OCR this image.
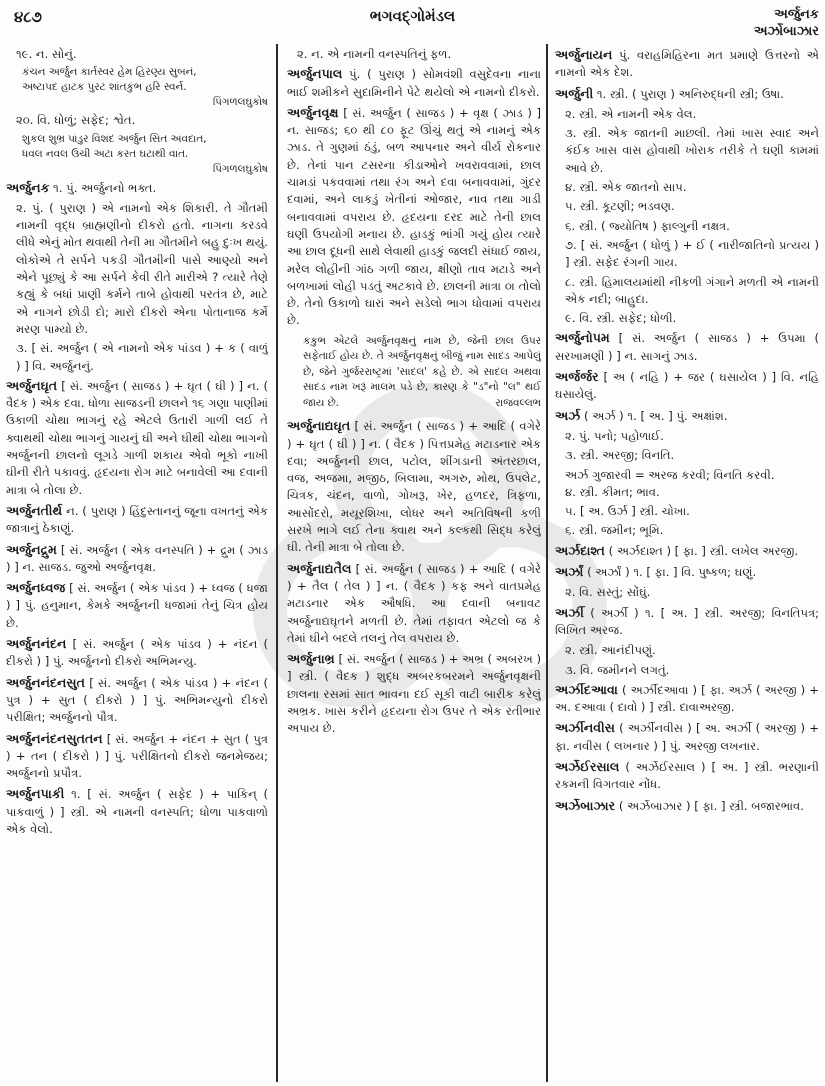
૪૮૭	ભગવદ્ગોમંડલ	અર્જુનક
અર્ઝોબાઝાર
૧૯. ન. સોનું.
કંચન અર્જુન કાર્તસ્વર હેમ હિરણ્ય સુબનં,
અષ્ટાપદ હાટક પુરટ શાંતકુંભ હરિ સ્વર્ન.
પિંગળલઘુકોષ
૨૦. વિ. ધોળું; સફેદ; શ્વેત.
શુકલ શુભ્ર પાંડુર વિશદ અર્જુન સિત અવદાત,
ધવલ નવલ ઉચી અટા કરત ઘટાથી વાત.
પિંગળલઘુકોષ
અર્જુનક ૧. પું. અર્જુનનો ભક્ત.
૨. પું. ( પુરાણ ) એ નામનો એક શિકારી. તે ગૌતમી નામની વૃદ્ધ બ્રાહ્મણીનો દીકરો હતો. નાગના કરડવે લીધે એનું મોત થવાથી તેની મા ગૌતમીને બહુ દુઃખ થયું. લોકોએ તે સર્પને પકડી ગૌતમીની પાસે આણ્યો અને એને પૂછ્યું કે આ સર્પને કેવી રીતે મારીએ ? ત્યારે તેણે કહ્યું કે બધાં પ્રાણી કર્મને તાબે હોવાથી પરતંત્ર છે, માટે એ નાગને છોડી દો; મારો દીકરો એના પોતાનાજ કર્મે મરણ પામ્યો છે.
૩. [ સં. અર્જુન ( એ નામનો એક પાંડવ ) + ક ( વાળું ) ] વિ. અર્જુનનું.
અર્જુનઘૃત [ સં. અર્જુન ( સાજડ ) + ઘૃત ( ઘી ) ] ન. ( વૈદક ) એક દવા. ધોળા સાજડની છાલને ૧૬ ગણા પાણીમાં ઉકાળી ચોથા ભાગનું રહે એટલે ઉતારી ગાળી લઈ તે ક્વાથથી ચોથા ભાગનું ગાયનું ઘી અને ઘીથી ચોથા ભાગનો અર્જુનની છાલનો લૂગડે ગાળી શકાય એવો ભૂકો નાખી ઘીની રીતે પકાવવું. હૃદયના રોગ માટે બનાવેલી આ દવાની માત્રા બે તોલા છે.
અર્જુનતીર્થ ન. ( પુરાણ ) હિંદુસ્તાનનું જૂના વખતનું એક જાત્રાનું ઠેકાણું.
અર્જુનદ્રુમ [ સં. અર્જુન ( એક વનસ્પતિ ) + દ્રુમ ( ઝાડ ) ] ન. સાજડ. જુઓ અર્જુનવૃક્ષ.
અર્જુનધ્વજ [ સં. અર્જુન ( એક પાંડવ ) + ધ્વજ ( ધજા ) ] પું. હનુમાન, કેમકે અર્જુનની ધજામાં તેનું ચિત્ર હોય છે.
અર્જુનનંદન [ સં. અર્જુન ( એક પાંડવ ) + નંદન ( દીકરો ) ] પું. અર્જુનનો દીકરો અભિમન્યુ.
અર્જુનનંદનસુત [ સં. અર્જુન ( એક પાંડવ ) + નંદન ( પુત્ર ) + સુત ( દીકરો ) ] પું. અભિમન્યુનો દીકરો પરીક્ષિત; અર્જુનનો પૌત્ર.
અર્જુનનંદનસુતતન [ સં. અર્જુન + નંદન + સુત ( પુત્ર ) + તન ( દીકરો ) ] પું. પરીક્ષિતનો દીકરો જનમેજય; અર્જુનનો પ્રપૌત્ર.
અર્જુનપાકી ૧. [ સં. અર્જુન ( સફેદ ) + પાકિન્ ( પાકવાળું ) ] સ્ત્રી. એ નામની વનસ્પતિ; ધોળા પાકવાળો એક વેલો.
૨. ન. એ નામની વનસ્પતિનું ફળ.
અર્જુનપાલ પું. ( પુરાણ ) સોમવંશી વસુદેવના નાના ભાઈ શમીકને સુદામિનીને પેટે થયેલો એ નામનો દીકરો.
અર્જુનવૃક્ષ [ સં. અર્જુન ( સાજડ ) + વૃક્ષ ( ઝાડ ) ] ન. સાજડ; ૬૦ થી ૮૦ ફૂટ ઊંચું થતું એ નામનું એક ઝાડ. તે ગુણમાં ઠંડું, બળ આપનાર અને વીર્ય રોકનાર છે. તેનાં પાન ટસરના કીડાઓને ખવરાવવામાં, છાલ ચામડાં પકવવામાં તથા રંગ અને દવા બનાવવામાં, ગુંદર દવામાં, અને લાકડું ખેતીનાં ઓજાર, નાવ તથા ગાડી બનાવવામાં વપરાય છે. હૃદયના દરદ માટે તેની છાલ ઘણી ઉપયોગી મનાય છે. હાડકું ભાંગી ગયું હોય ત્યારે આ છાલ દૂધની સાથે લેવાથી હાડકું જલદી સંધાઈ જાય, મરેલ લોહીની ગાંઠ ગળી જાય, ક્ષીણો તાવ મટાડે અને બળખામાં લોહી પડતું અટકાવે છે. છાલની માત્રા ૦ા તોલો છે. તેનો ઉકાળો ઘારાં અને સડેલો ભાગ ધોવામાં વપરાય છે.
કકુભ એટલે અર્જુનવૃક્ષનું નામ છે, જેની છાલ ઉપર સફેતાઈ હોય છે. તે અર્જુનવૃક્ષનું બીજું નામ સાદડ આપેલું છે, જેને ગુર્જરરાષ્ટ્રમાં 'સાદલ' કહે છે. એ સાદલ અથવા સાદડ નામ ખરૂં માલમ પડે છે, કારણ કે "ડ"નો "લ" થઈ જાય છે.	રાજવલ્લભ
અર્જુનાદ્યઘૃત [ સં. અર્જુન ( સાજડ ) + આદિ ( વગેરે ) + ઘૃત ( ઘી ) ] ન. ( વૈદક ) પિત્તપ્રમેહ મટાડનાર એક દવા; અર્જુનની છાલ, પટોલ, શીંગડાની અંતરછાલ, વજ, અજમા, મજીઠ, બિલામા, અગરુ, મોથ, ઉપલેટ, ચિત્રક, ચંદન, વાળો, ગોખરૂ, ખેર, હળદર, ત્રિફળા, આસોંદરો, મયૂરશિખા, લોધર અને અતિવિષની કળી સરખે ભાગે લઈ તેના ક્વાથ અને કલ્કથી સિદ્ધ કરેલું ઘી. તેની માત્રા બે તોલા છે.
અર્જુનાદ્યતૈલ [ સં. અર્જુન ( સાજડ ) + આદિ ( વગેરે ) + તૈલ ( તેલ ) ] ન. ( વૈદક ) કફ અને વાતપ્રમેહ મટાડનાર એક ઔષધિ. આ દવાની બનાવટ અર્જુનાદ્યઘૃતને મળતી છે. તેમાં તફાવત એટલો જ કે તેમાં ઘીને બદલે તલનું તેલ વપરાય છે.
અર્જુનાભ્ર [ સં. અર્જુન ( સાજડ ) + અભ્ર ( અબરખ ) ] સ્ત્રી. ( વૈદક ) શુદ્ધ અબરકબરમને અર્જુનવૃક્ષની છાલના રસમાં સાત ભાવના દઈ સૂકી વાટી બારીક કરેલું અભ્રક. ખાસ કરીને હૃદયના રોગ ઉપર તે એક રતીભાર અપાય છે.
અર્જુનાયન પું. વરાહમિહિરના મત પ્રમાણે ઉત્તરનો એ નામનો એક દેશ.
અર્જુની ૧. સ્ત્રી. ( પુરાણ ) અનિરુદ્ધની સ્ત્રી; ઉષા.
૨. સ્ત્રી. એ નામની એક વેલ.
૩. સ્ત્રી. એક જાતની માછલી. તેમાં ખાસ સ્વાદ અને કંઈક ખાસ વાસ હોવાથી ખોરાક તરીકે તે ઘણી કામમાં આવે છે.
૪. સ્ત્રી. એક જાતનો સાપ.
૫. સ્ત્રી. કૂટણી; ભડવણ.
૬. સ્ત્રી. ( જ્યોતિષ ) ફાલ્ગુની નક્ષત્ર.
૭. [ સં. અર્જુન ( ધોળું ) + ઈ ( નારીજાતિનો પ્રત્યય ) ] સ્ત્રી. સફેદ રંગની ગાય.
૮. સ્ત્રી. હિમાલયમાંથી નીકળી ગંગાને મળતી એ નામની એક નદી; બાહુદા.
૯. વિ. સ્ત્રી. સફેદ; ધોળી.
અર્જુનોપમ [ સં. અર્જુન ( સાજડ ) + ઉપમા ( સરખામણી ) ] ન. સાગનું ઝાડ.
અર્જર્જર [ અ ( નહિ ) + જર ( ઘસાયેલ ) ] વિ. નહિ ઘસાયેલું.
અર્ઝ ( અર્ઝ ) ૧. [ અ. ] પું. અક્ષાંશ.
૨. પું. પનો; પહોળાઈ.
૩. સ્ત્રી. અરજી; વિનતિ.
અર્ઝ ગુજારવી = અરજ કરવી; વિનતિ કરવી.
૪. સ્ત્રી. કીમત; ભાવ.
૫. [ અ. ઉર્ઝ ] સ્ત્રી. ચોખા.
૬. સ્ત્રી. જમીન; ભૂમિ.
અર્ઝદાશ્ત ( અર્ઝદાશ્ત ) [ ફા. ] સ્ત્રી. લખેલ અરજી.
અર્ઝાં ( અર્ઝાં ) ૧. [ ફા. ] વિ. પુષ્કળ; ઘણું.
૨. વિ. સસ્તું; સોંઘું.
અર્ઝી ( અર્ઝી ) ૧. [ અ. ] સ્ત્રી. અરજી; વિનતિપત્ર; લિખિત અરજ.
૨. સ્ત્રી. આનંદીપણું.
૩. વિ. જમીનને લગતું.
અર્ઝીદઆવા ( અર્ઝીદઆવા ) [ ફા. અર્ઝ ( અરજી ) + અ. દઆવા ( દાવો ) ] સ્ત્રી. દાવાઅરજી.
અર્ઝીનવીસ ( અર્ઝીનવીસ ) [ અ. અર્ઝી ( અરજી ) + ફા. નવીસ ( લખનાર ) ] પું. અરજી લખનાર.
અર્ઝેઈરસાલ ( અર્ઝેઈરસાલ ) [ અ. ] સ્ત્રી. ભરણાની રકમની વિગતવાર નોંધ.
અર્ઝેબાઝાર ( અર્ઝેબાઝાર ) [ ફા. ] સ્ત્રી. બજારભાવ.
